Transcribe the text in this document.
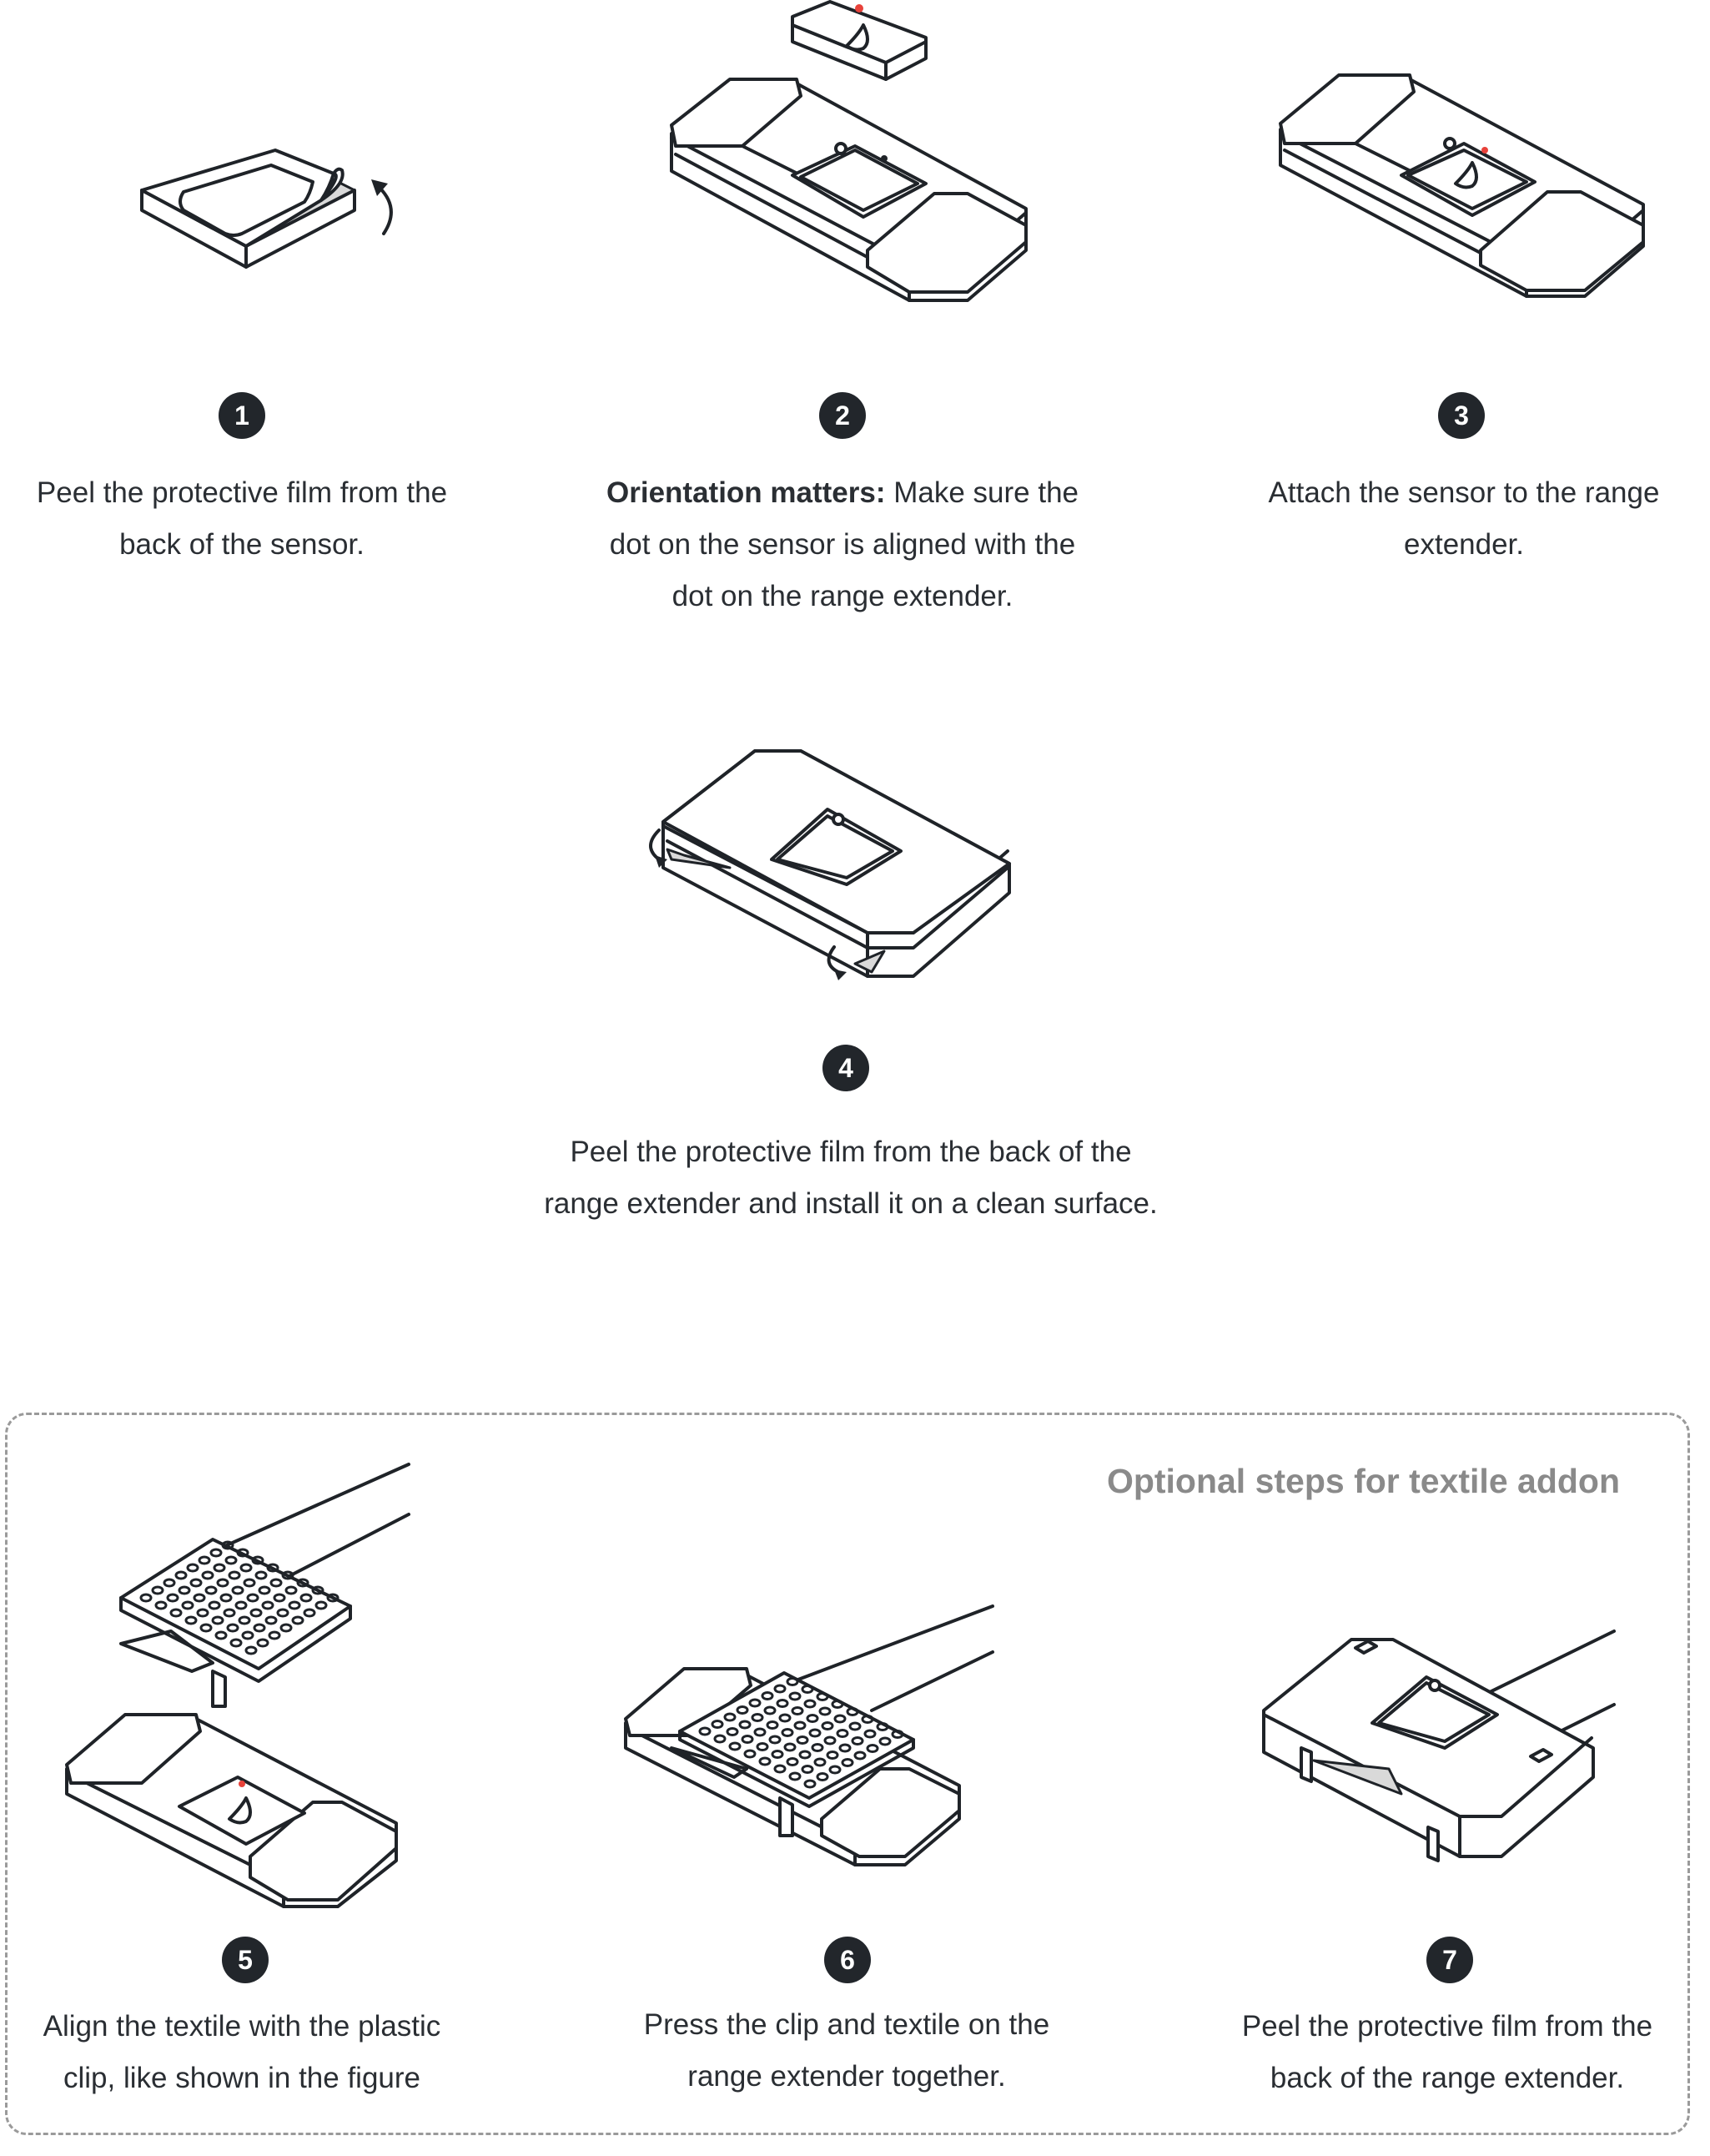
1
Peel the protective film from the back of the sensor.
2
Orientation matters: Make sure the dot on the sensor is aligned with the dot on the range extender.
3
Attach the sensor to the range extender.
4
Peel the protective film from the back of the range extender and install it on a clean surface.
Optional steps for textile addon
5
Align the textile with the plastic clip, like shown in the figure
6
Press the clip and textile on the range extender together.
7
Peel the protective film from the back of the range extender.
